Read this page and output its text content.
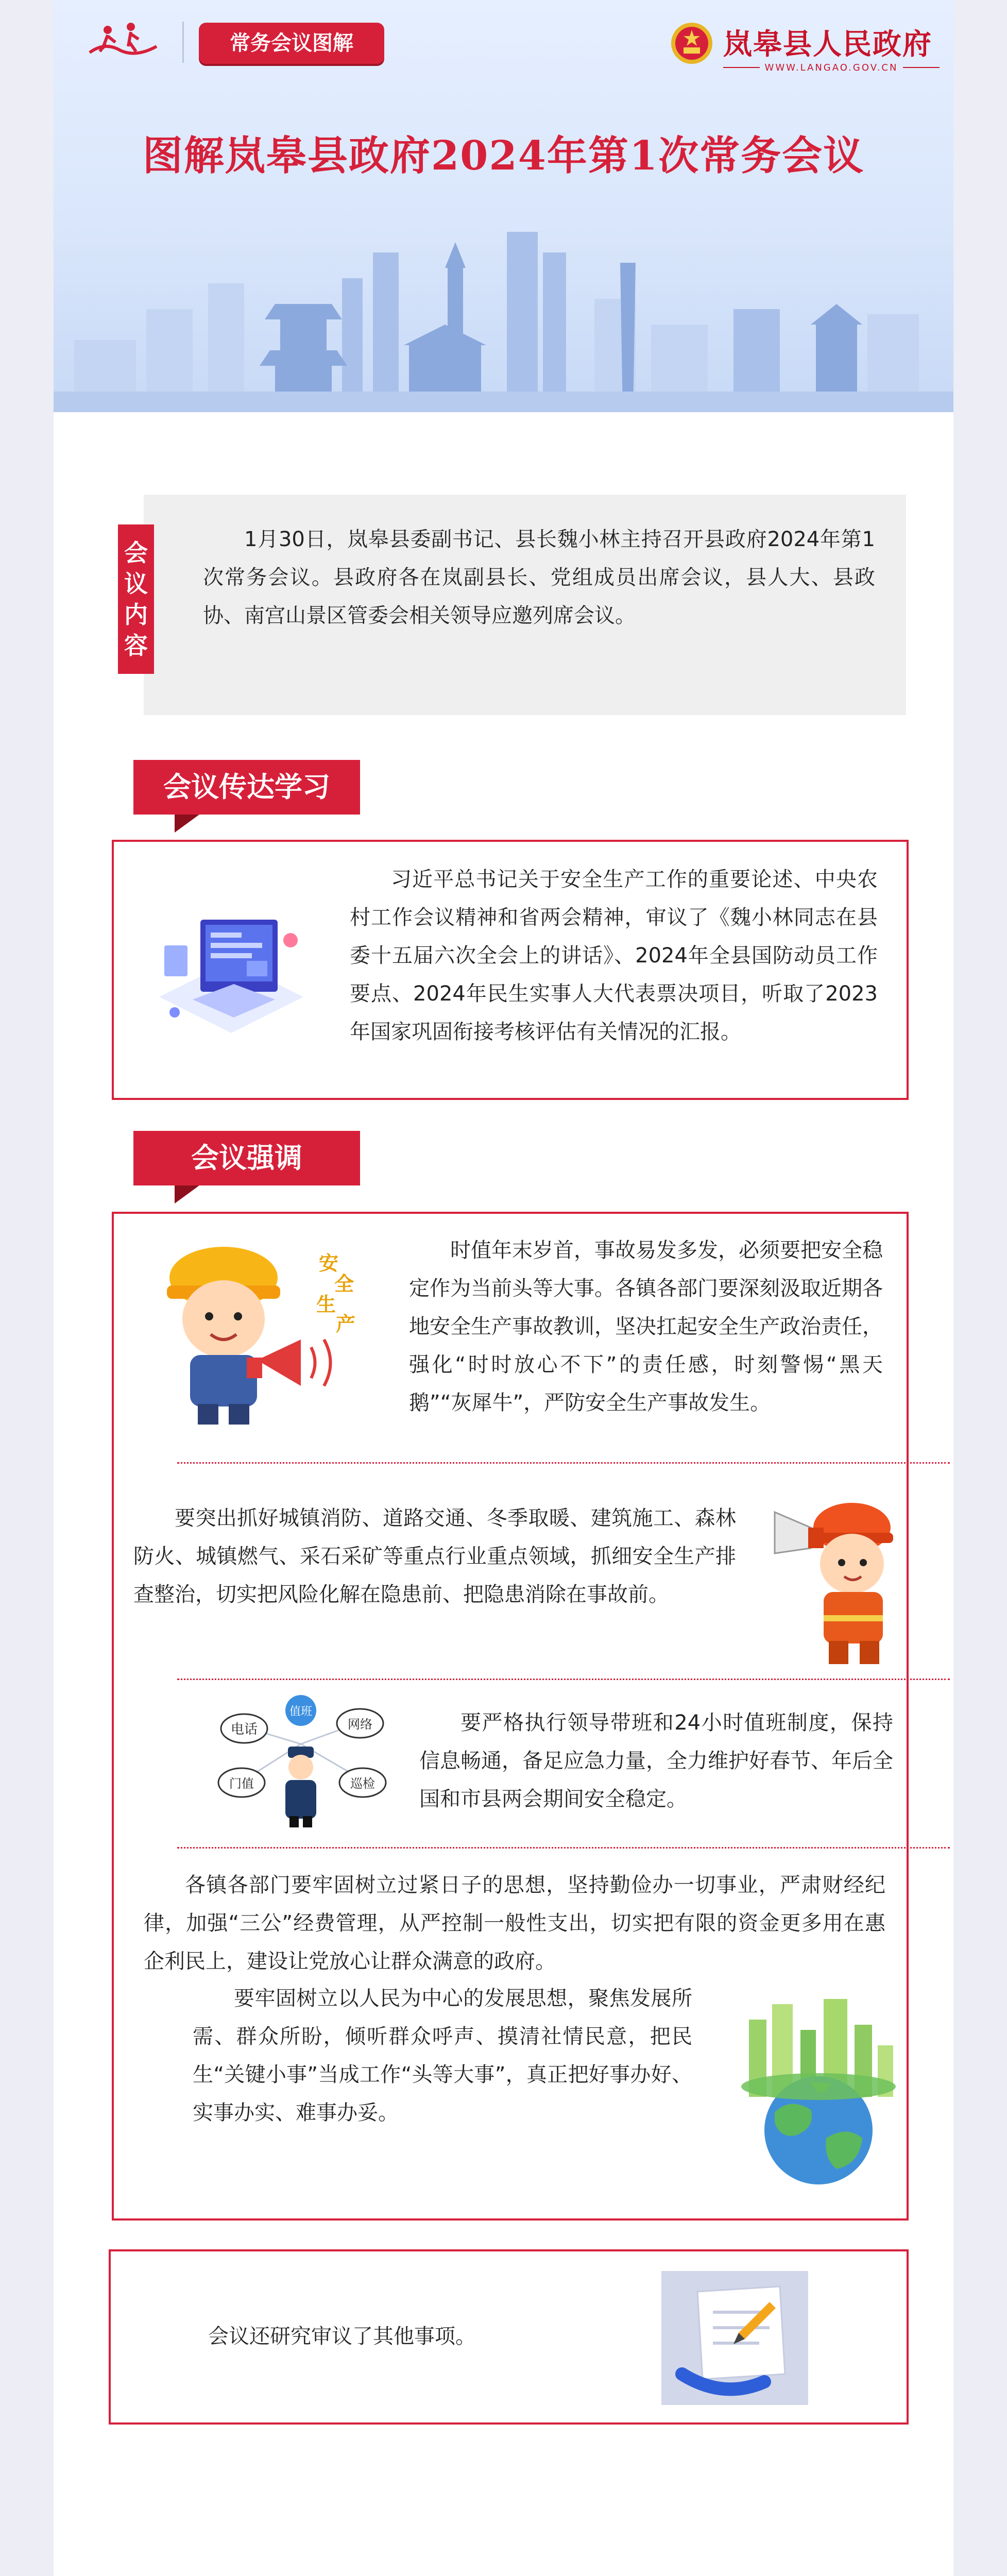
常务会议图解	岚皋县人民政府
WWW.LANGAO.GOV.CN
图解岚皋县政府2024年第1次常务会议
会
议
内
容
1月30日，岚皋县委副书记、县长魏小林主持召开县政府2024年第1次常务会议。县政府各在岚副县长、党组成员出席会议，县人大、县政协、南宫山景区管委会相关领导应邀列席会议。
会议传达学习
习近平总书记关于安全生产工作的重要论述、中央农村工作会议精神和省两会精神，审议了《魏小林同志在县委十五届六次全会上的讲话》、2024年全县国防动员工作要点、2024年民生实事人大代表票决项目，听取了2023年国家巩固衔接考核评估有关情况的汇报。
会议强调
安
全
生
产
时值年末岁首，事故易发多发，必须要把安全稳定作为当前头等大事。各镇各部门要深刻汲取近期各地安全生产事故教训，坚决扛起安全生产政治责任，强化“时时放心不下”的责任感，时刻警惕“黑天鹅”“灰犀牛”，严防安全生产事故发生。
要突出抓好城镇消防、道路交通、冬季取暖、建筑施工、森林防火、城镇燃气、采石采矿等重点行业重点领域，抓细安全生产排查整治，切实把风险化解在隐患前、把隐患消除在事故前。
电话
值班
网络
门值	巡检
要严格执行领导带班和24小时值班制度，保持信息畅通，备足应急力量，全力维护好春节、年后全国和市县两会期间安全稳定。
各镇各部门要牢固树立过紧日子的思想，坚持勤俭办一切事业，严肃财经纪律，加强“三公”经费管理，从严控制一般性支出，切实把有限的资金更多用在惠企利民上，建设让党放心让群众满意的政府。
要牢固树立以人民为中心的发展思想，聚焦发展所需、群众所盼，倾听群众呼声、摸清社情民意，把民生“关键小事”当成工作“头等大事”，真正把好事办好、实事办实、难事办妥。
会议还研究审议了其他事项。
